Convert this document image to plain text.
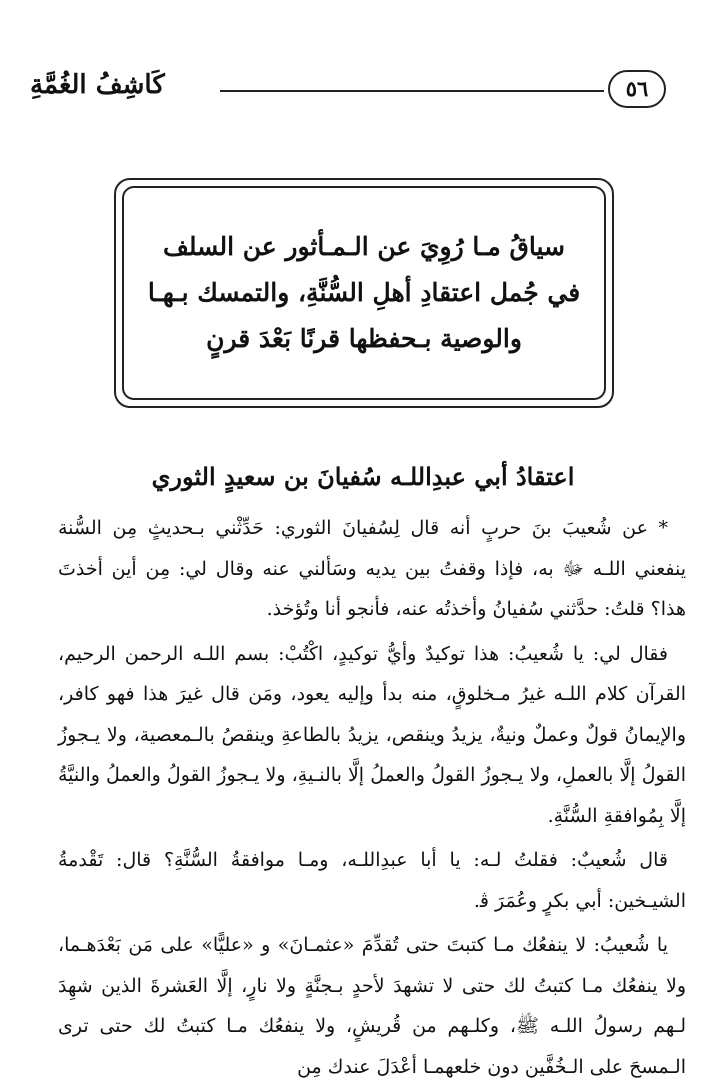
كَاشِفُ الغُمَّةِ	٥٦
سياقُ مـا رُوِيَ عن الـمـأثور عن السلف
في جُمل اعتقادِ أهلِ السُّنَّةِ، والتمسك بـهـا
والوصية بـحفظها قرنًا بَعْدَ قرنٍ
اعتقادُ أبي عبدِاللـه سُفيانَ بن سعيدٍ الثوري

* عن شُعيبَ بنَ حربٍ أنه قال لِسُفيانَ الثوري: حَدِّثْني بـحديثٍ مِن السُّنة ينفعني اللـه ﷻ به، فإذا وقفتُ بين يديه وسَألني عنه وقال لي: مِن أين أخذتَ هذا؟ قلتُ: حدَّثني سُفيانُ وأخذتُه عنه، فأنجو أنا وتُؤخذ.

فقال لي: يا شُعيبُ: هذا توكيدٌ وأيُّ توكيدٍ، اكْتُبْ: بسم اللـه الرحمن الرحيم، القرآن كلام اللـه غيرُ مـخلوقٍ، منه بدأ وإليه يعود، ومَن قال غيرَ هذا فهو كافر، والإيمانُ قولٌ وعملٌ ونيةٌ، يزيدُ وينقص، يزيدُ بالطاعةِ وينقصُ بالـمعصية، ولا يـجوزُ القولُ إلَّا بالعملِ، ولا يـجوزُ القولُ والعملُ إلَّا بالنـيةِ، ولا يـجوزُ القولُ والعملُ والنيَّةُ إلَّا بِمُوافقةِ السُّنَّةِ.

قال شُعيبٌ: فقلتُ لـه: يا أبا عبدِاللـه، ومـا موافقةُ السُّنَّةِ؟ قال: تَقْدمةُ الشيـخين: أبي بكرٍ وعُمَرَ ﭬ.

يا شُعيبُ: لا ينفعُك مـا كتبتَ حتى تُقدِّمَ «عثمـانَ» و «عليًّا» على مَن بَعْدَهـما، ولا ينفعُك مـا كتبتُ لك حتى لا تشهدَ لأحدٍ بـجنَّةٍ ولا نارٍ، إلَّا العَشرةَ الذين شهِدَ لـهم رسولُ اللـه ﷺ، وكلـهم من قُريشٍ، ولا ينفعُك مـا كتبتُ لك حتى ترى الـمسحَ على الـخُفَّين دون خلعهمـا أعْدَلَ عندك مِن
